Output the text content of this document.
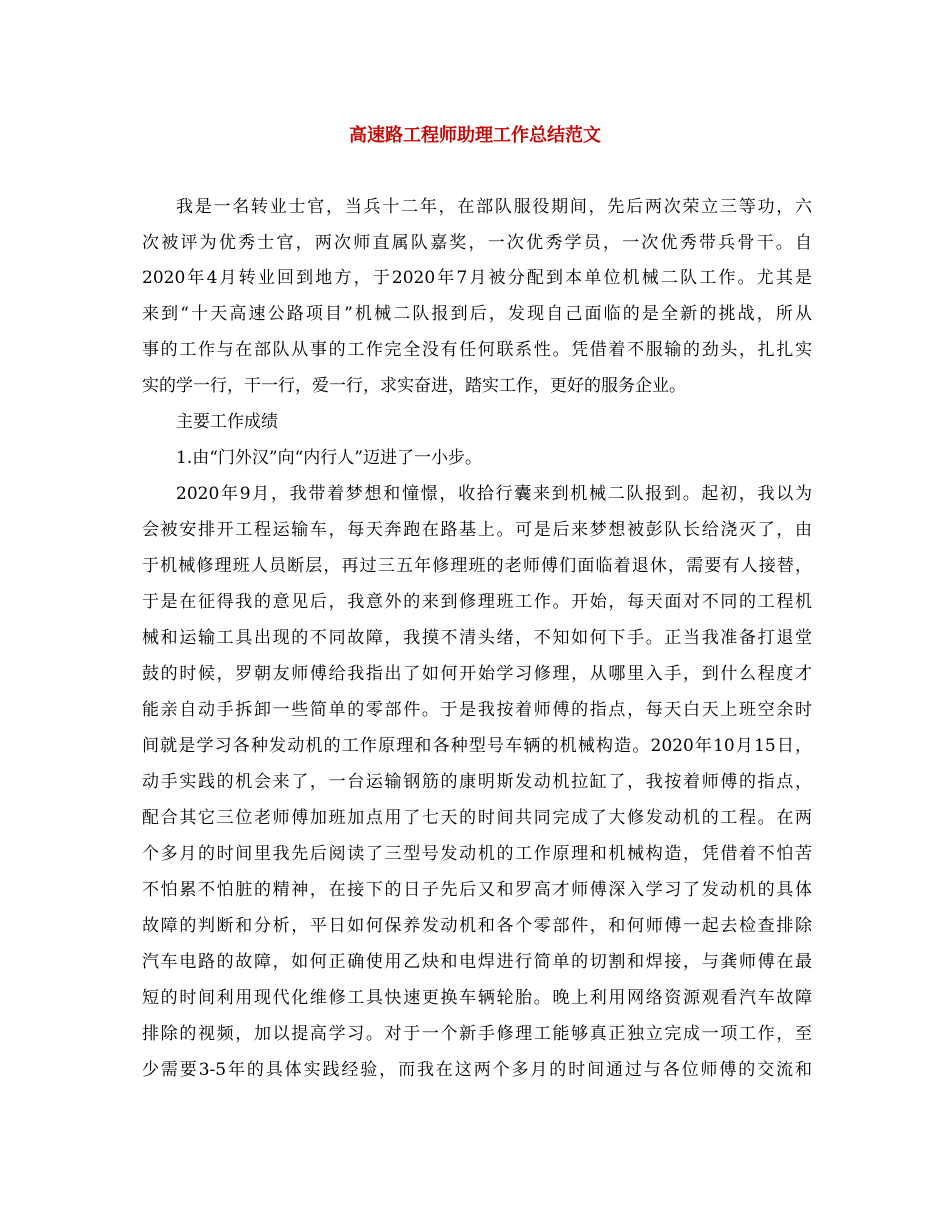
高速路工程师助理工作总结范文
我是一名转业士官，当兵十二年，在部队服役期间，先后两次荣立三等功，六
次被评为优秀士官，两次师直属队嘉奖，一次优秀学员，一次优秀带兵骨干。自
2020年4月转业回到地方，于2020年7月被分配到本单位机械二队工作。尤其是
来到“十天高速公路项目”机械二队报到后，发现自己面临的是全新的挑战，所从
事的工作与在部队从事的工作完全没有任何联系性。凭借着不服输的劲头，扎扎实
实的学一行，干一行，爱一行，求实奋进，踏实工作，更好的服务企业。
主要工作成绩
1.由“门外汉”向“内行人”迈进了一小步。
2020年9月，我带着梦想和憧憬，收拾行囊来到机械二队报到。起初，我以为
会被安排开工程运输车，每天奔跑在路基上。可是后来梦想被彭队长给浇灭了，由
于机械修理班人员断层，再过三五年修理班的老师傅们面临着退休，需要有人接替，
于是在征得我的意见后，我意外的来到修理班工作。开始，每天面对不同的工程机
械和运输工具出现的不同故障，我摸不清头绪，不知如何下手。正当我准备打退堂
鼓的时候，罗朝友师傅给我指出了如何开始学习修理，从哪里入手，到什么程度才
能亲自动手拆卸一些简单的零部件。于是我按着师傅的指点，每天白天上班空余时
间就是学习各种发动机的工作原理和各种型号车辆的机械构造。2020年10月15日，
动手实践的机会来了，一台运输钢筋的康明斯发动机拉缸了，我按着师傅的指点，
配合其它三位老师傅加班加点用了七天的时间共同完成了大修发动机的工程。在两
个多月的时间里我先后阅读了三型号发动机的工作原理和机械构造，凭借着不怕苦
不怕累不怕脏的精神，在接下的日子先后又和罗高才师傅深入学习了发动机的具体
故障的判断和分析，平日如何保养发动机和各个零部件，和何师傅一起去检查排除
汽车电路的故障，如何正确使用乙炔和电焊进行简单的切割和焊接，与龚师傅在最
短的时间利用现代化维修工具快速更换车辆轮胎。晚上利用网络资源观看汽车故障
排除的视频，加以提高学习。对于一个新手修理工能够真正独立完成一项工作，至
少需要3-5年的具体实践经验，而我在这两个多月的时间通过与各位师傅的交流和
